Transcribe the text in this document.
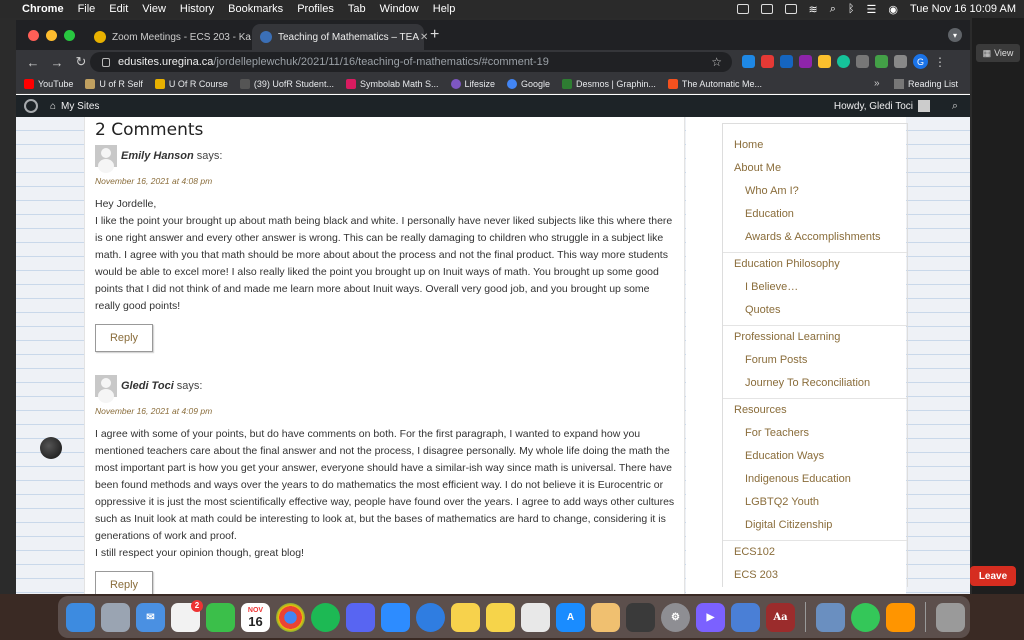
Chrome File Edit View History Bookmarks Profiles Tab Window Help	≋ ⌕ ᛒ ☰ ◉ Tue Nov 16 10:09 AM
▦ View
Leave
Zoom Meetings - ECS 203 - Ka	Teaching of Mathematics – TEA ✕ +	▾
← → ↻	edusites.uregina.ca /jordelleplewchuk/2021/11/16/teaching-of-mathematics/#comment-19	☆	G ⋮
YouTube	U of R Self	U Of R Course	(39) UofR Student...	Symbolab Math S...	Lifesize	Google	Desmos | Graphin...	The Automatic Me...	»	Reading List
⌂ My Sites	Howdy, Gledi Toci	⌕
2 Comments
Emily Hanson says:
November 16, 2021 at 4:08 pm

Hey Jordelle,

I like the point your brought up about math being black and white. I personally have never liked subjects like this where there is one right answer and every other answer is wrong. This can be really damaging to children who struggle in a subject like math. I agree with you that math should be more about about the process and not the final product. This way more students would be able to excel more! I also really liked the point you brought up on Inuit ways of math. You brought up some good points that I did not think of and made me learn more about Inuit ways. Overall very good job, and you brought up some really good points!

Reply
Gledi Toci says:
November 16, 2021 at 4:09 pm

I agree with some of your points, but do have comments on both. For the first paragraph, I wanted to expand how you mentioned teachers care about the final answer and not the process, I disagree personally. My whole life doing the math the most important part is how you get your answer, everyone should have a similar-ish way since math is universal. There have been found methods and ways over the years to do mathematics the most efficient way. I do not believe it is Eurocentric or oppressive it is just the most scientifically effective way, people have found over the years. I agree to add ways other cultures such as Inuit look at math could be interesting to look at, but the bases of mathematics are hard to change, considering it is generations of work and proof.

I still respect your opinion though, great blog!

Reply
Home
About Me
Who Am I?
Education
Awards & Accomplishments
Education Philosophy
I Believe…
Quotes
Professional Learning
Forum Posts
Journey To Reconciliation
Resources
For Teachers
Education Ways
Indigenous Education
LGBTQ2 Youth
Digital Citizenship
ECS102
ECS 203
✉
2	NOV
16	A	⚙	▶	Aa
